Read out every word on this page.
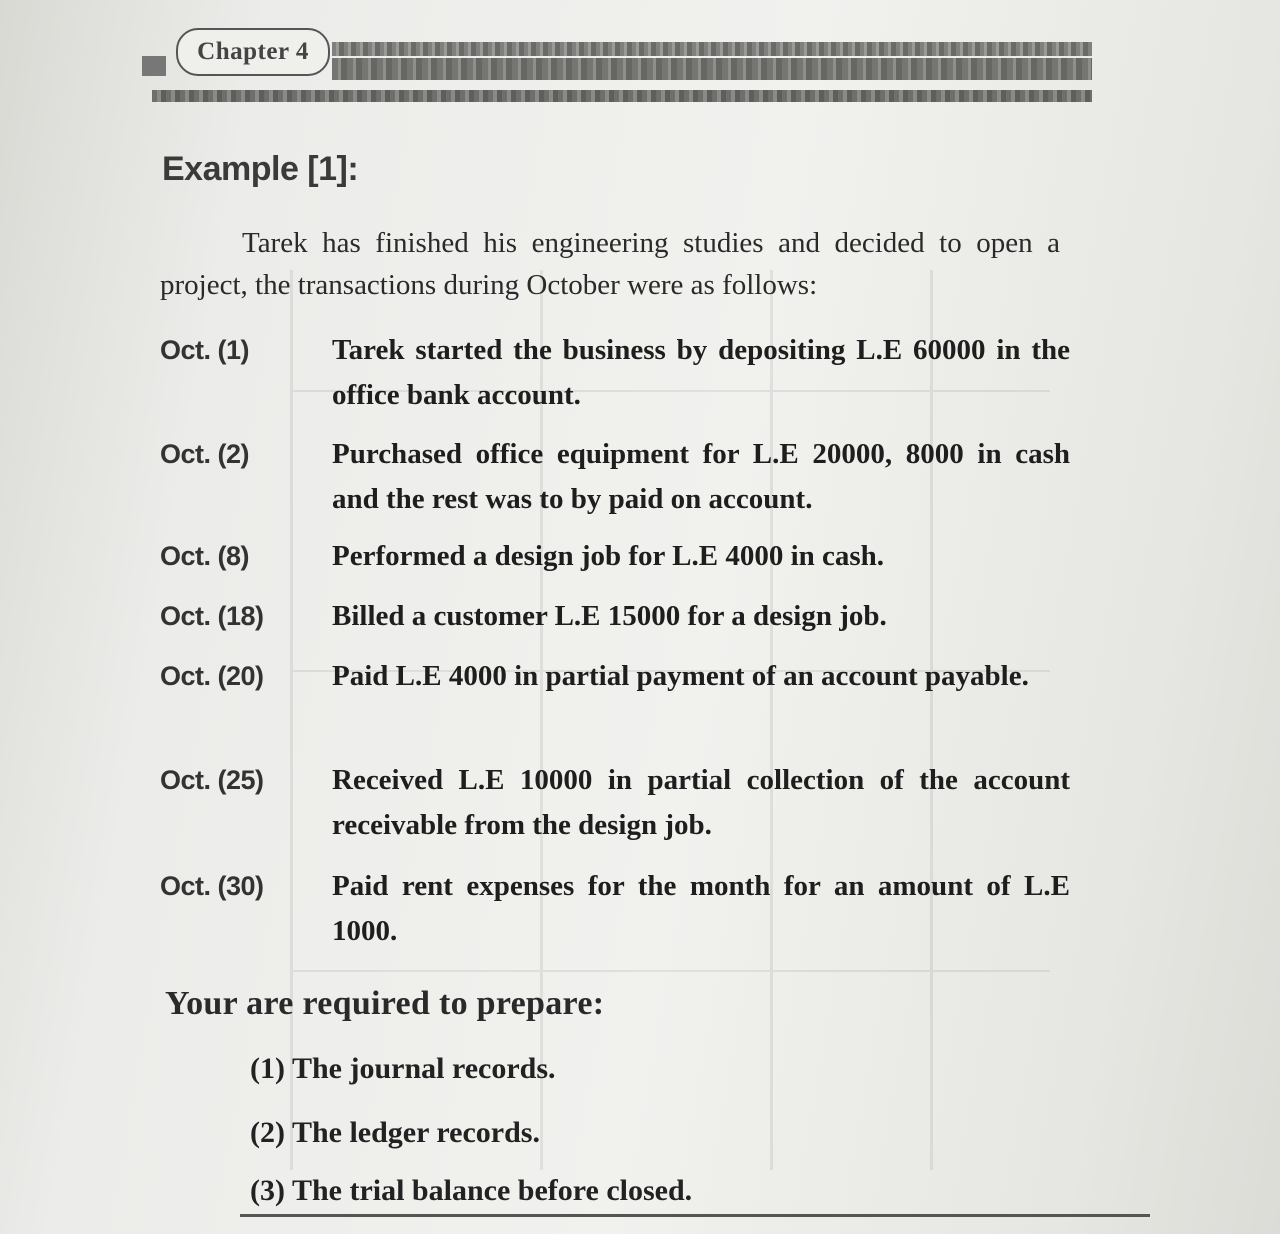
Chapter 4
Example [1]:
Tarek has finished his engineering studies and decided to open a project, the transactions during October were as follows:
Oct. (1)	Tarek started the business by depositing L.E 60000 in the office bank account.
Oct. (2)	Purchased office equipment for L.E 20000, 8000 in cash and the rest was to by paid on account.
Oct. (8)	Performed a design job for L.E 4000 in cash.
Oct. (18)	Billed a customer L.E 15000 for a design job.
Oct. (20)	Paid L.E 4000 in partial payment of an account payable.
Oct. (25)	Received L.E 10000 in partial collection of the account receivable from the design job.
Oct. (30)	Paid rent expenses for the month for an amount of L.E 1000.
Your are required to prepare:
(1) The journal records.
(2) The ledger records.
(3) The trial balance before closed.
